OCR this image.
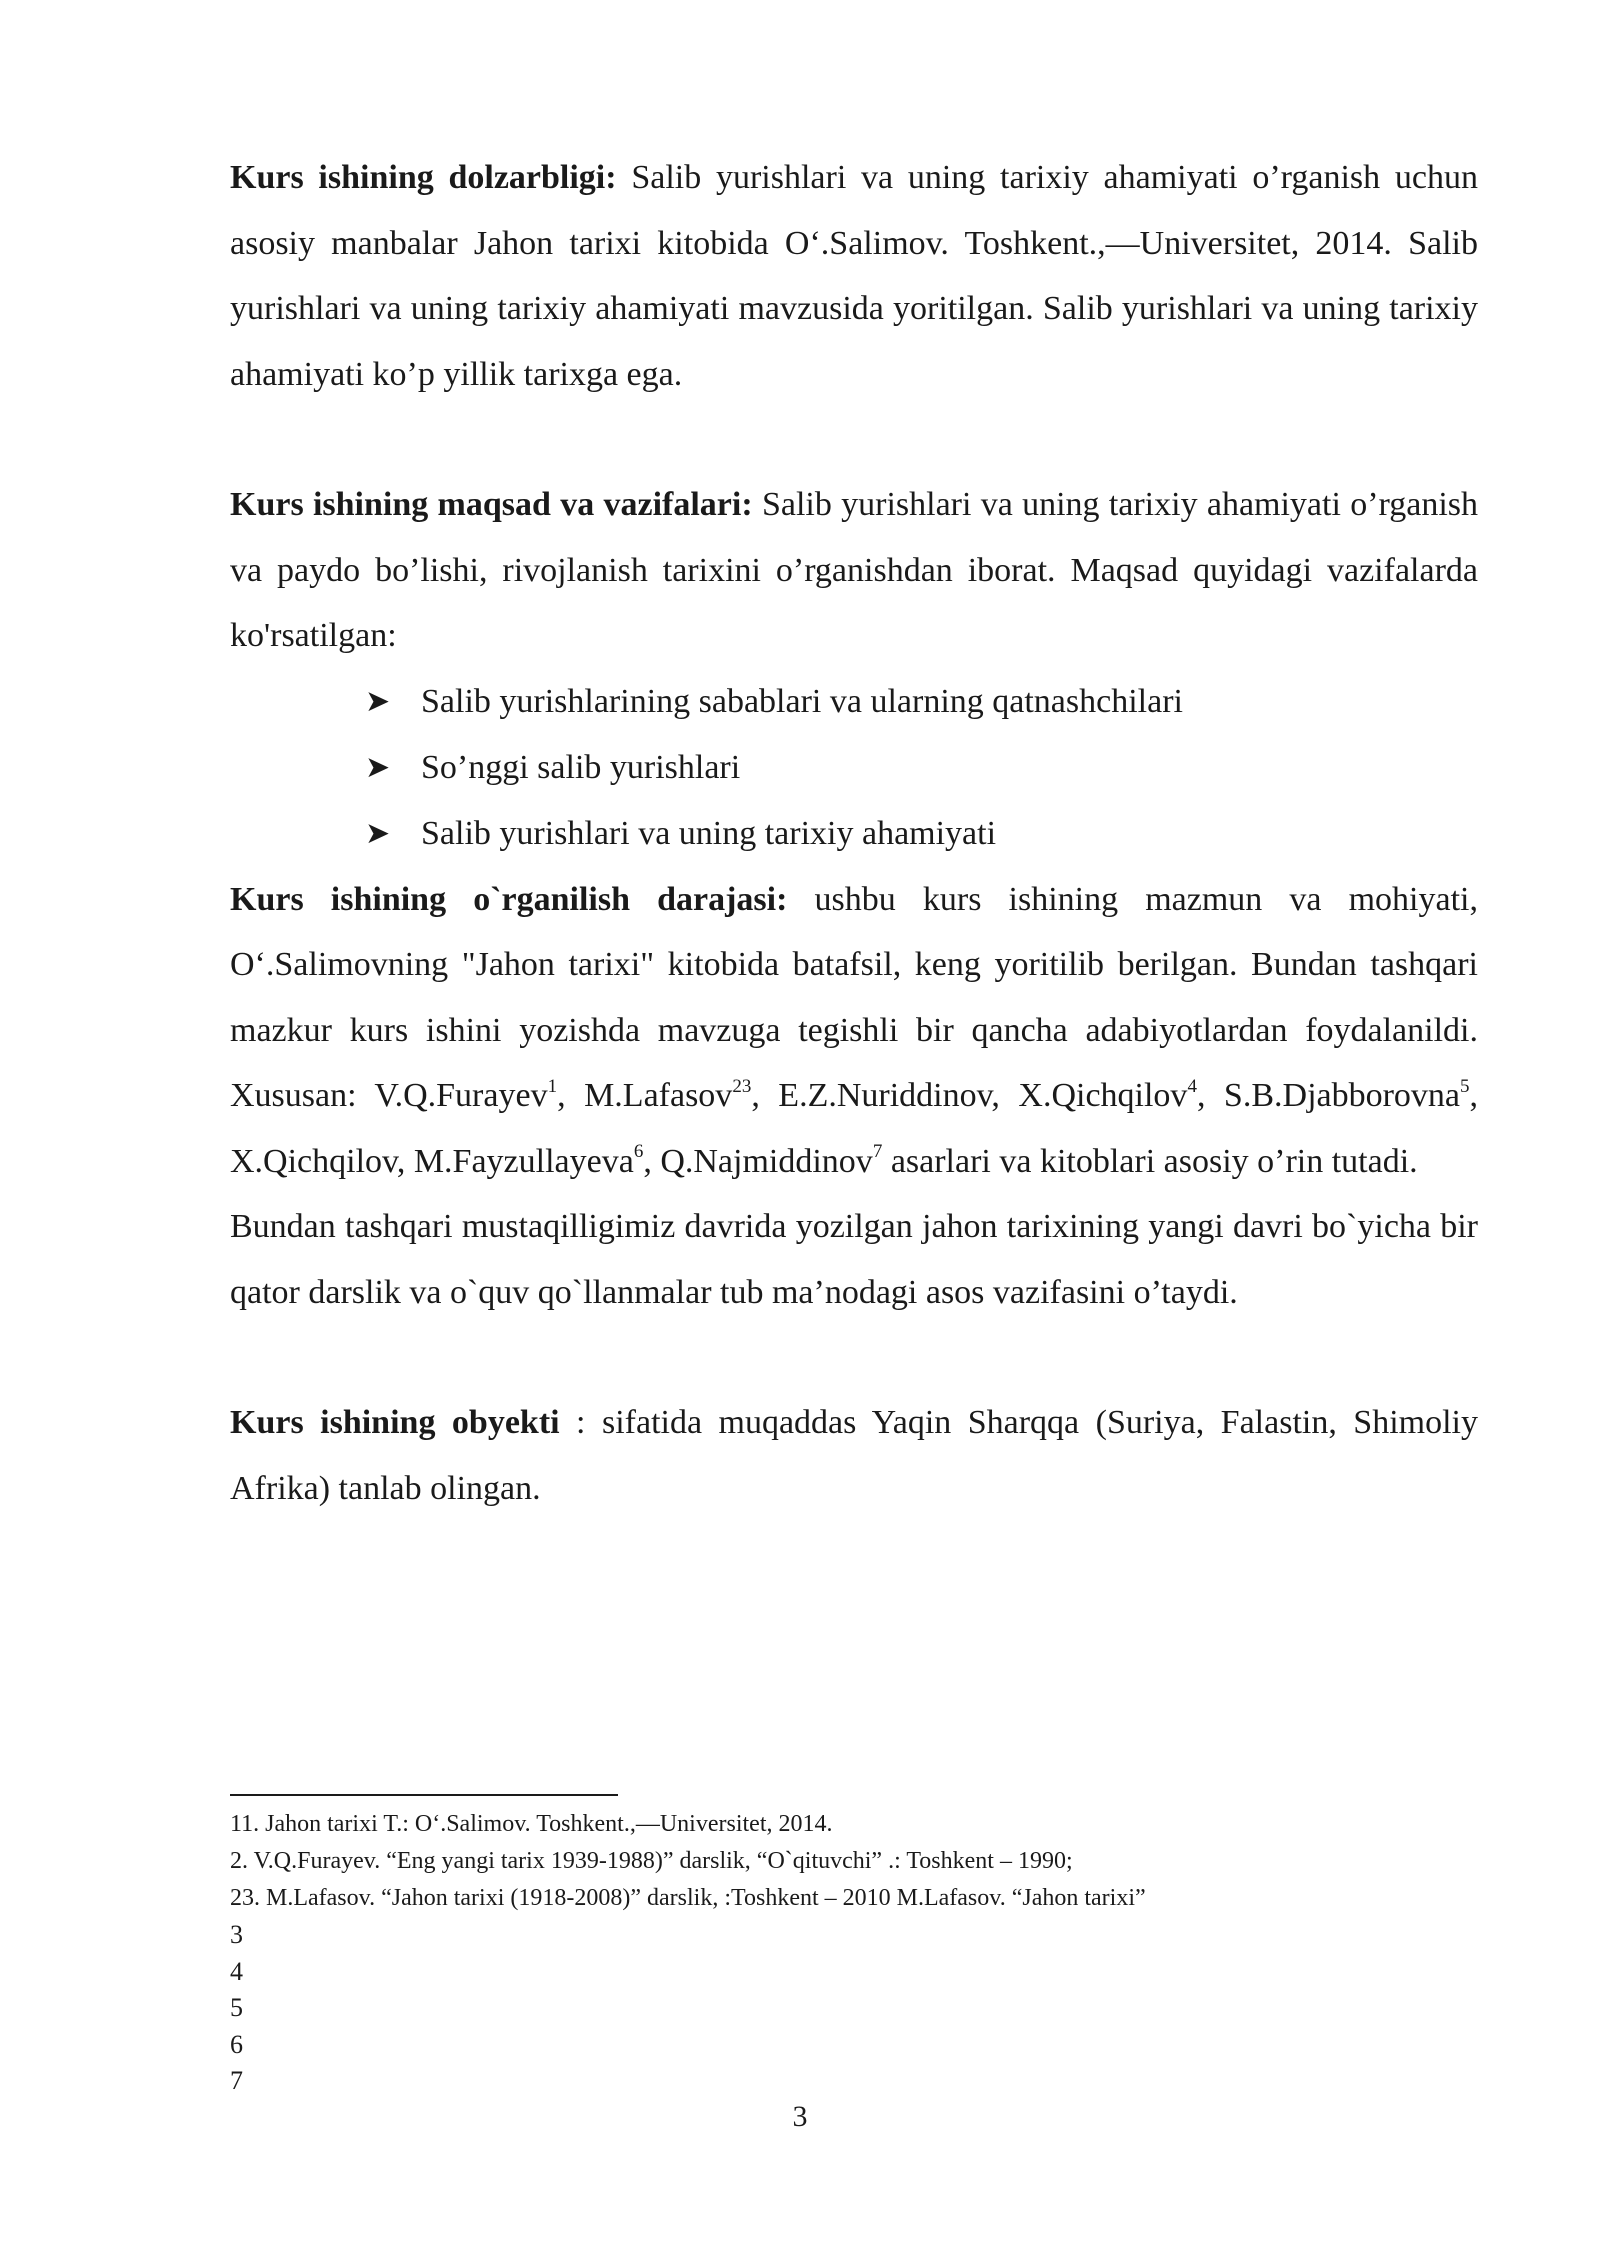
Kurs ishining dolzarbligi: Salib yurishlari va uning tarixiy ahamiyati o’rganish uchun asosiy manbalar Jahon tarixi kitobida O‘.Salimov. Toshkent.,―Universitet, 2014. Salib yurishlari va uning tarixiy ahamiyati mavzusida yoritilgan. Salib yurishlari va uning tarixiy ahamiyati ko’p yillik tarixga ega.

Kurs ishining maqsad va vazifalari: Salib yurishlari va uning tarixiy ahamiyati o’rganish va paydo bo’lishi, rivojlanish tarixini o’rganishdan iborat. Maqsad quyidagi vazifalarda ko'rsatilgan:

➤ Salib yurishlarining sabablari va ularning qatnashchilari
➤ So’nggi salib yurishlari
➤ Salib yurishlari va uning tarixiy ahamiyati

Kurs ishining o`rganilish darajasi: ushbu kurs ishining mazmun va mohiyati, O‘.Salimovning "Jahon tarixi" kitobida batafsil, keng yoritilib berilgan. Bundan tashqari mazkur kurs ishini yozishda mavzuga tegishli bir qancha adabiyotlardan foydalanildi. Xususan: V.Q.Furayev$^1$, M.Lafasov$^{23}$, E.Z.Nuriddinov, X.Qichqilov$^4$, S.B.Djabborovna$^5$, X.Qichqilov, M.Fayzullayeva$^6$, Q.Najmiddinov$^7$ asarlari va kitoblari asosiy o’rin tutadi.

Bundan tashqari mustaqilligimiz davrida yozilgan jahon tarixining yangi davri bo`yicha bir qator darslik va o`quv qo`llanmalar tub ma’nodagi asos vazifasini o’taydi.

Kurs ishining obyekti : sifatida muqaddas Yaqin Sharqqa (Suriya, Falastin, Shimoliy Afrika) tanlab olingan.

11. Jahon tarixi T.: O‘.Salimov. Toshkent.,―Universitet, 2014.

2. V.Q.Furayev. “Eng yangi tarix 1939-1988)” darslik, “O`qituvchi” .: Toshkent – 1990;

23. M.Lafasov. “Jahon tarixi (1918-2008)” darslik, :Toshkent – 2010 M.Lafasov. “Jahon tarixi”

3

4

5

6

7

3
